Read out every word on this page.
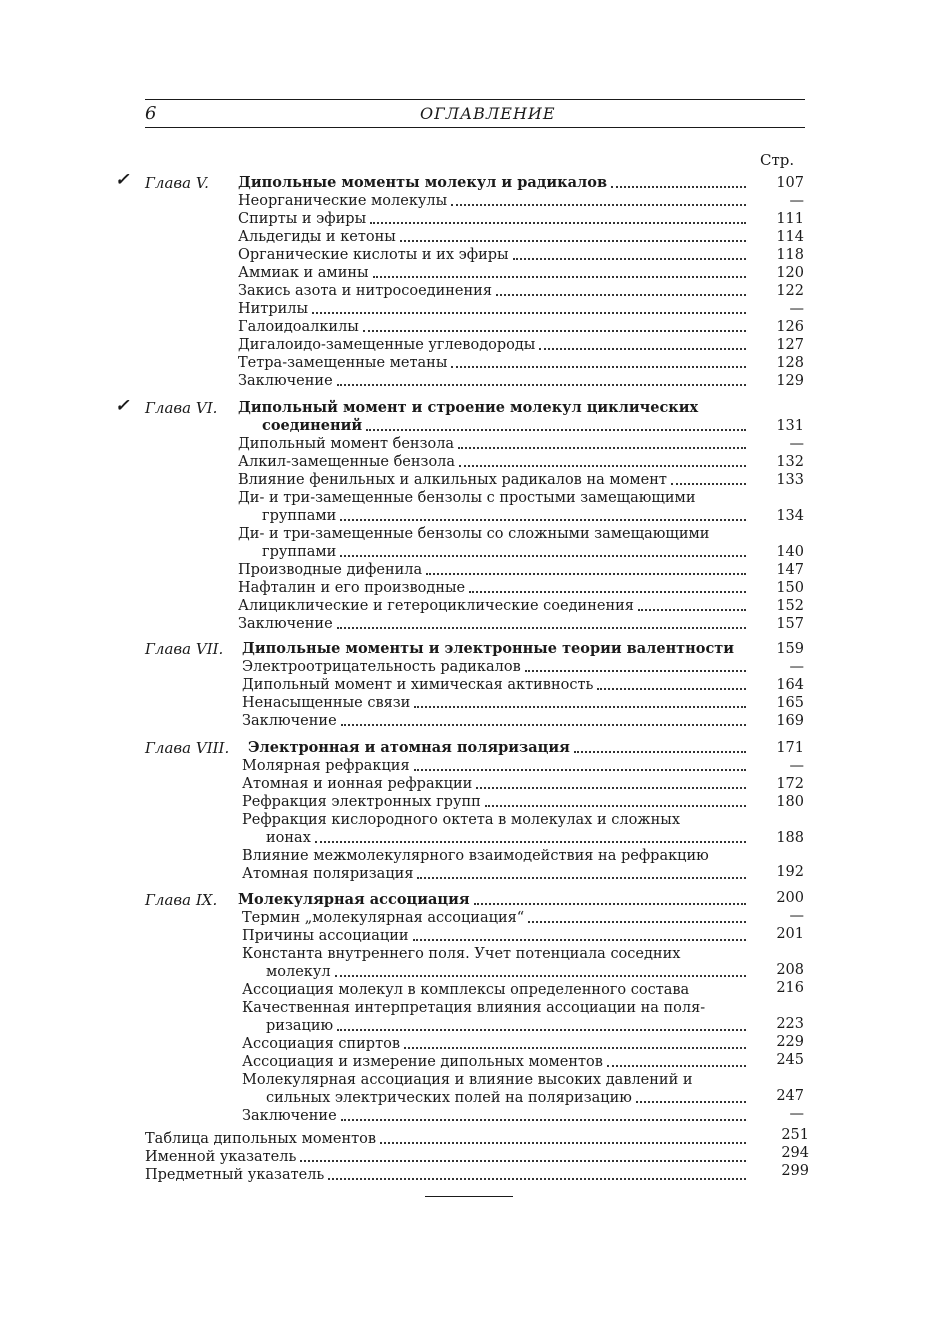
6	ОГЛАВЛЕНИЕ
Стр.
✓
✓
Глава V. Дипольные моменты молекул и радикалов	107
Неорганические молекулы	—
Спирты и эфиры	111
Альдегиды и кетоны	114
Органические кислоты и их эфиры	118
Аммиак и амины	120
Закись азота и нитросоединения	122
Нитрилы	—
Галоидоалкилы	126
Дигалоидо-замещенные углеводороды	127
Тетра-замещенные метаны	128
Заключение	129
Глава VI. Дипольный момент и строение молекул циклических
соединений	131
Дипольный момент бензола	—
Алкил-замещенные бензола	132
Влияние фенильных и алкильных радикалов на момент	133
Ди- и три-замещенные бензолы с простыми замещающими
группами	134
Ди- и три-замещенные бензолы со сложными замещающими
группами	140
Производные дифенила	147
Нафталин и его производные	150
Алициклические и гетероциклические соединения	152
Заключение	157
Глава VII. Дипольные моменты и электронные теории валентности	159
Электроотрицательность радикалов	—
Дипольный момент и химическая активность	164
Ненасыщенные связи	165
Заключение	169
Глава VIII. Электронная и атомная поляризация	171
Молярная рефракция	—
Атомная и ионная рефракции	172
Рефракция электронных групп	180
Рефракция кислородного октета в молекулах и сложных
ионах	188
Влияние межмолекулярного взаимодействия на рефракцию
Атомная поляризация	192
Глава IX. Молекулярная ассоциация	200
Термин „молекулярная ассоциация“	—
Причины ассоциации	201
Константа внутреннего поля. Учет потенциала соседних
молекул	208
Ассоциация молекул в комплексы определенного состава	216
Качественная интерпретация влияния ассоциации на поля-
ризацию	223
Ассоциация спиртов	229
Ассоциация и измерение дипольных моментов	245
Молекулярная ассоциация и влияние высоких давлений и
сильных электрических полей на поляризацию	247
Заключение	—
Таблица дипольных моментов	251
Именной указатель	294
Предметный указатель	299
